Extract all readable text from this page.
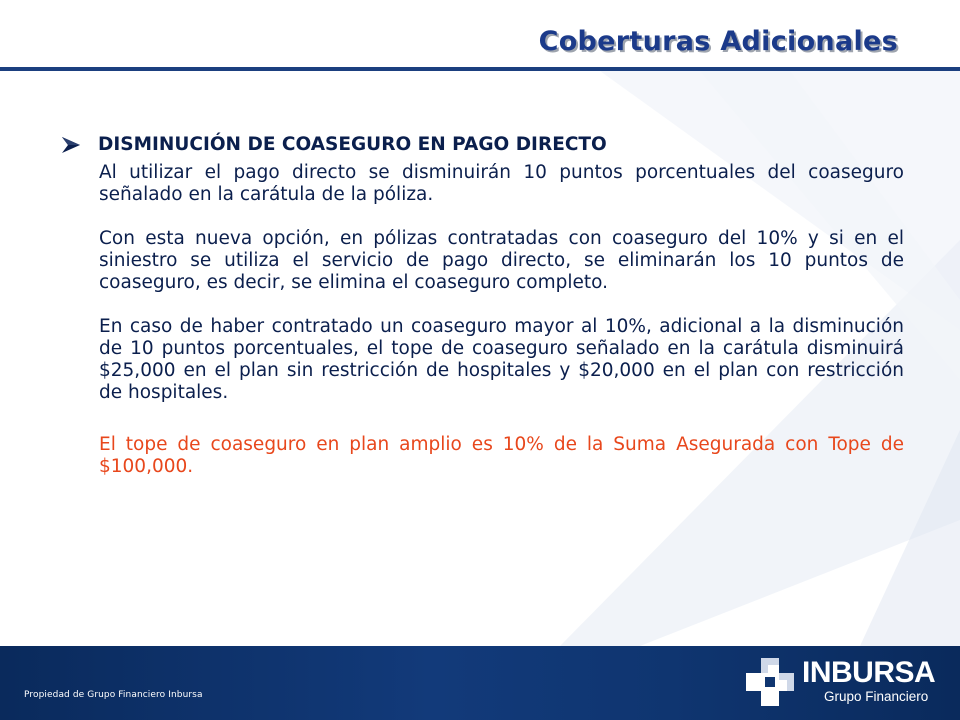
Coberturas Adicionales
DISMINUCIÓN DE COASEGURO EN PAGO DIRECTO

Al utilizar el pago directo se disminuirán 10 puntos porcentuales del coaseguro señalado en la carátula de la póliza.

Con esta nueva opción, en pólizas contratadas con coaseguro del 10% y si en el siniestro se utiliza el servicio de pago directo, se eliminarán los 10 puntos de coaseguro, es decir, se elimina el coaseguro completo.

En caso de haber contratado un coaseguro mayor al 10%, adicional a la disminución de 10 puntos porcentuales, el tope de coaseguro señalado en la carátula disminuirá $25,000 en el plan sin restricción de hospitales y $20,000 en el plan con restricción de hospitales.

El tope de coaseguro en plan amplio es 10% de la Suma Asegurada con Tope de $100,000.

Propiedad de Grupo Financiero Inbursa
INBURSA
Grupo Financiero
